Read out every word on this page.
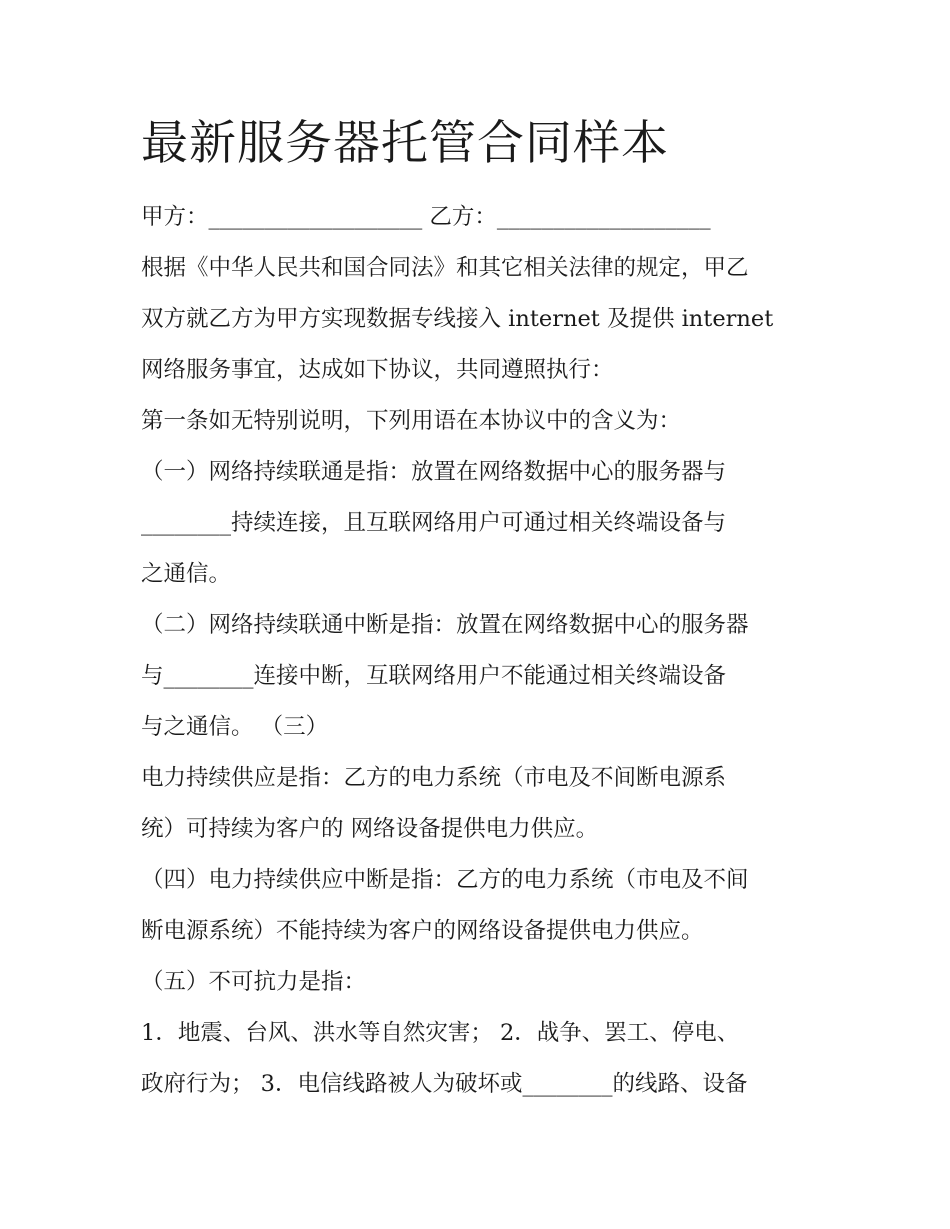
最新服务器托管合同样本

甲方：___________________ 乙方：___________________

根据《中华人民共和国合同法》和其它相关法律的规定，甲乙

双方就乙方为甲方实现数据专线接入 internet 及提供 internet

网络服务事宜，达成如下协议，共同遵照执行：

第一条如无特别说明，下列用语在本协议中的含义为：

（一）网络持续联通是指：放置在网络数据中心的服务器与

________持续连接，且互联网络用户可通过相关终端设备与

之通信。

（二）网络持续联通中断是指：放置在网络数据中心的服务器

与________连接中断，互联网络用户不能通过相关终端设备

与之通信。 （三）

电力持续供应是指：乙方的电力系统（市电及不间断电源系

统）可持续为客户的 网络设备提供电力供应。

（四）电力持续供应中断是指：乙方的电力系统（市电及不间

断电源系统）不能持续为客户的网络设备提供电力供应。

（五）不可抗力是指：

1．地震、台风、洪水等自然灾害； 2．战争、罢工、停电、

政府行为； 3．电信线路被人为破坏或________的线路、设备
